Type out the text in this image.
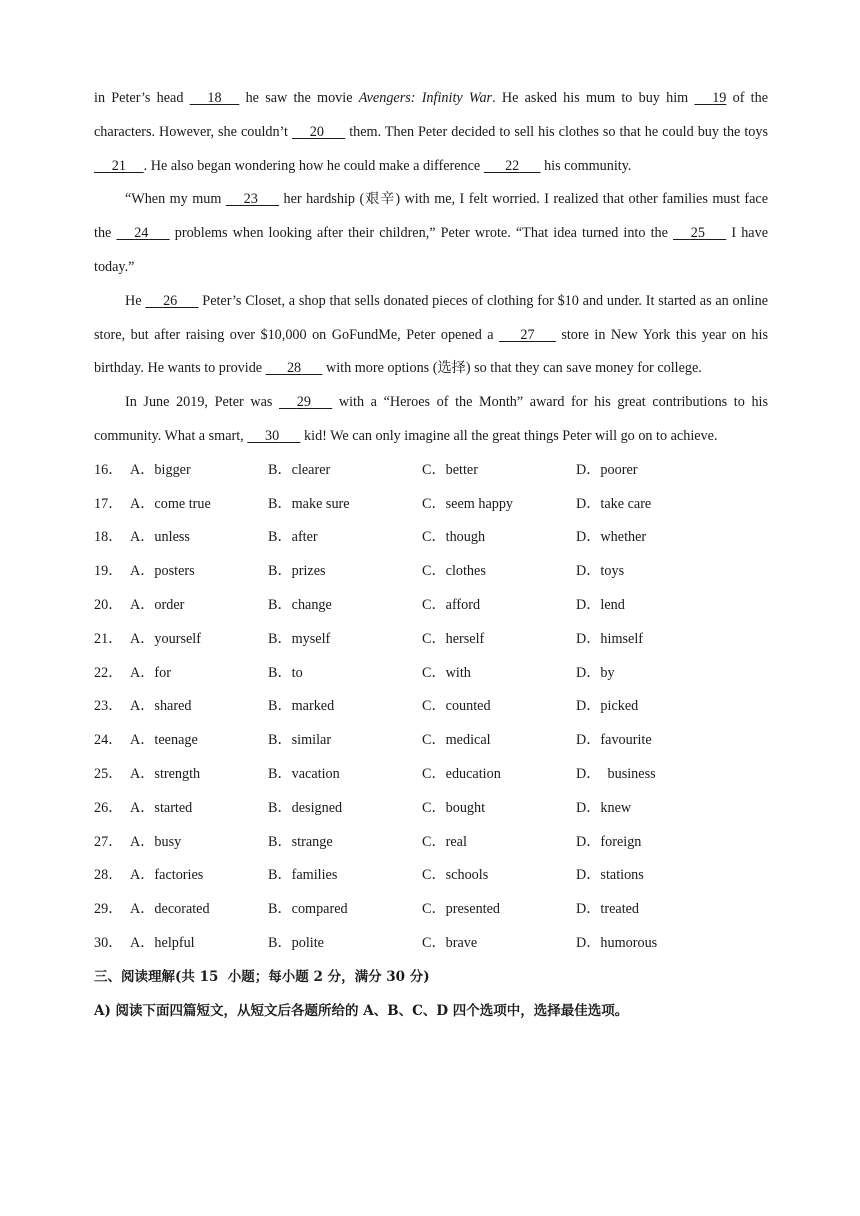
in Peter’s head      18      he saw the movie Avengers: Infinity War. He asked his mum to buy him      19 of the characters. However, she couldn’t      20       them. Then Peter decided to sell his clothes so that he could buy the toys      21 . He also began wondering how he could make a difference       22       his community.

“When my mum      23       her hardship (艰辛) with me, I felt worried. I realized that other families must face the      24       problems when looking after their children,” Peter wrote. “That idea turned into the      25       I have today.”

He      26       Peter’s Closet, a shop that sells donated pieces of clothing for $10 and under. It started as an online store, but after raising over $10,000 on GoFundMe, Peter opened a       27       store in New York this year on his birthday. He wants to provide       28       with more options (选择) so that they can save money for college.

In June 2019, Peter was      29       with a “Heroes of the Month” award for his great contributions to his community. What a smart,      30       kid! We can only imagine all the great things Peter will go on to achieve.

16． A．bigger	B．clearer	C．better	D．poorer
17． A．come true	B．make sure	C．seem happy	D．take care
18． A．unless	B．after	C．though	D．whether
19． A．posters	B．prizes	C．clothes	D．toys
20． A．order	B．change	C．afford	D．lend
21． A．yourself	B．myself	C．herself	D．himself
22． A．for	B．to	C．with	D．by
23． A．shared	B．marked	C．counted	D．picked
24． A．teenage	B．similar	C．medical	D．favourite
25． A．strength	B．vacation	C．education	D．  business
26． A．started	B．designed	C．bought	D．knew
27． A．busy	B．strange	C．real	D．foreign
28． A．factories	B．families	C．schools	D．stations
29． A．decorated	B．compared	C．presented	D．treated
30． A．helpful	B．polite	C．brave	D．humorous

三、阅读理解(共 15  小题；每小题 2 分，满分 30 分)

A) 阅读下面四篇短文，从短文后各题所给的 A、B、C、D 四个选项中，选择最佳选项。
